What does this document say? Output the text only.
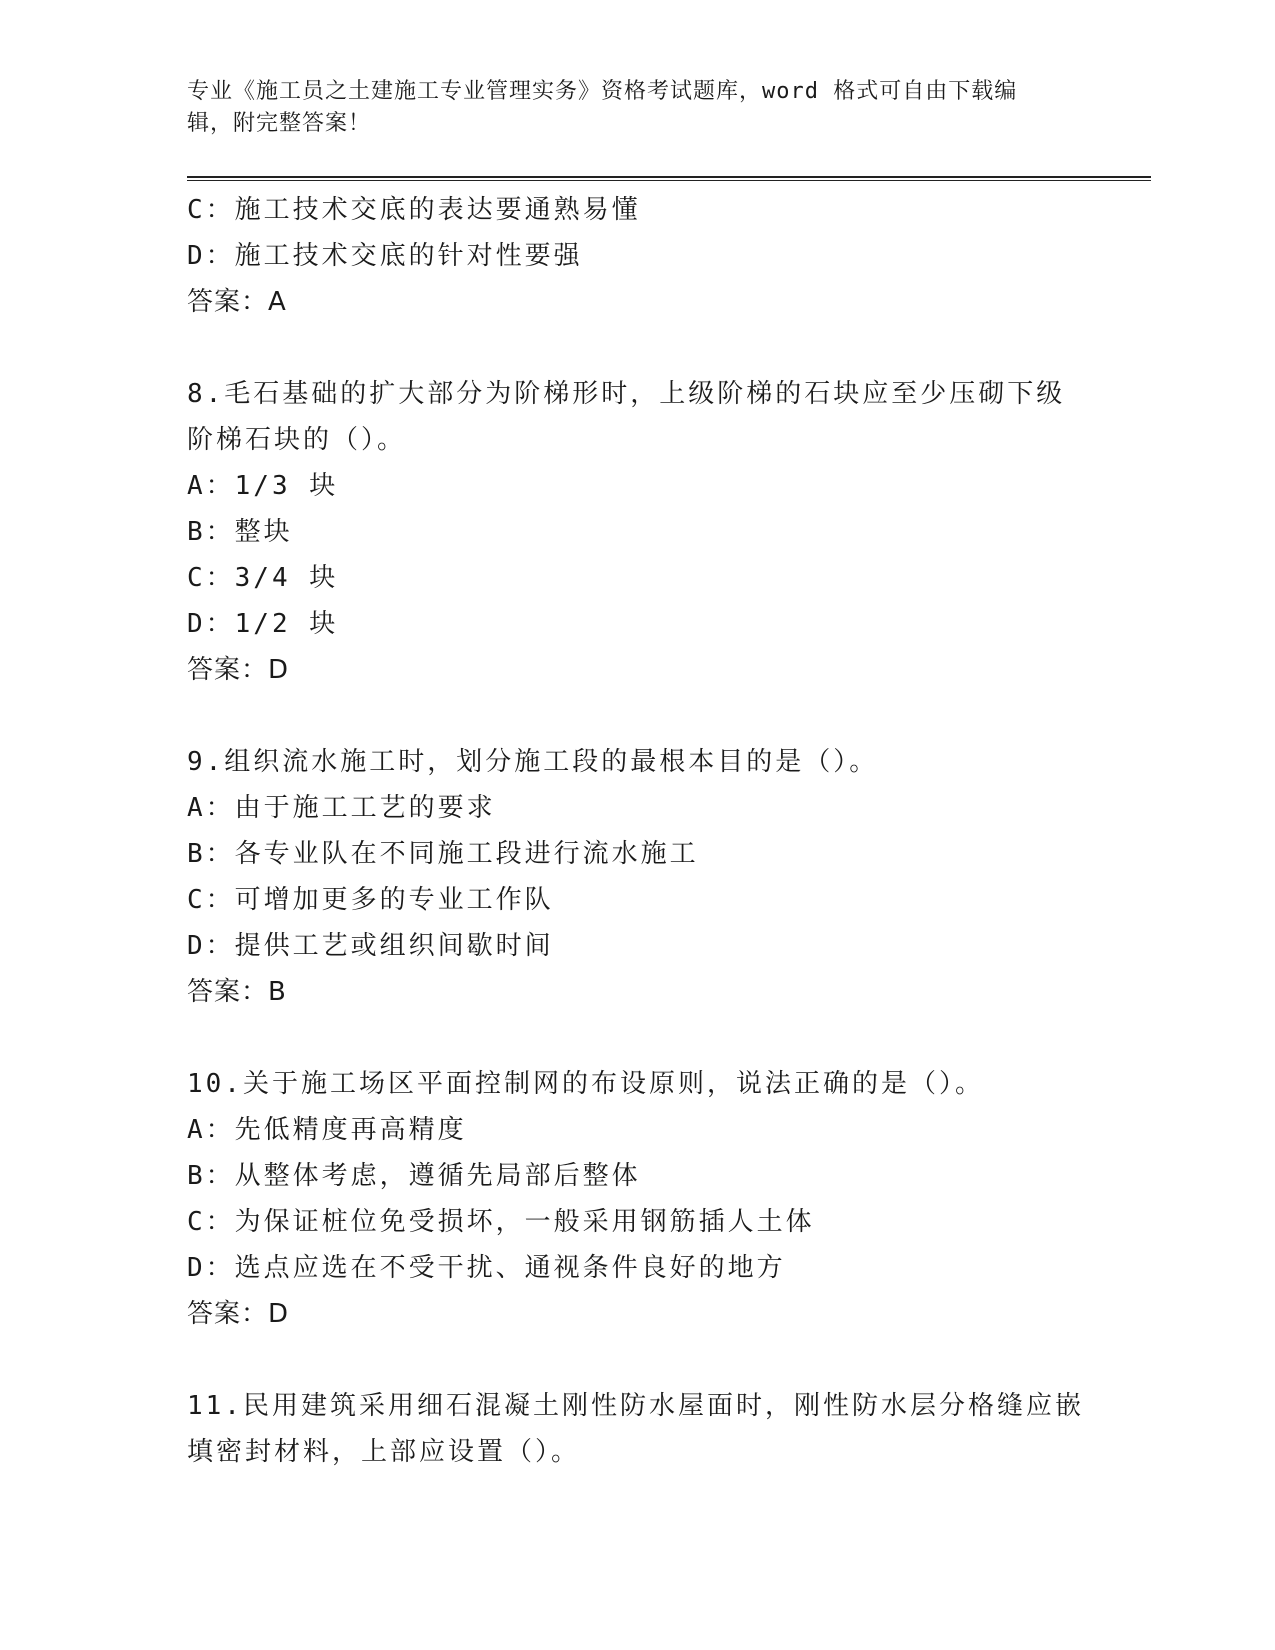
专业《施工员之土建施工专业管理实务》资格考试题库，word 格式可自由下载编
辑，附完整答案！
C：施工技术交底的表达要通熟易懂
D：施工技术交底的针对性要强
答案：A
8.毛石基础的扩大部分为阶梯形时，上级阶梯的石块应至少压砌下级
阶梯石块的（）。
A：1/3 块
B：整块
C：3/4 块
D：1/2 块
答案：D
9.组织流水施工时，划分施工段的最根本目的是（）。
A：由于施工工艺的要求
B：各专业队在不同施工段进行流水施工
C：可增加更多的专业工作队
D：提供工艺或组织间歇时间
答案：B
10.关于施工场区平面控制网的布设原则，说法正确的是（）。
A：先低精度再高精度
B：从整体考虑，遵循先局部后整体
C：为保证桩位免受损坏，一般采用钢筋插人土体
D：选点应选在不受干扰、通视条件良好的地方
答案：D
11.民用建筑采用细石混凝土刚性防水屋面时，刚性防水层分格缝应嵌
填密封材料，上部应设置（）。
